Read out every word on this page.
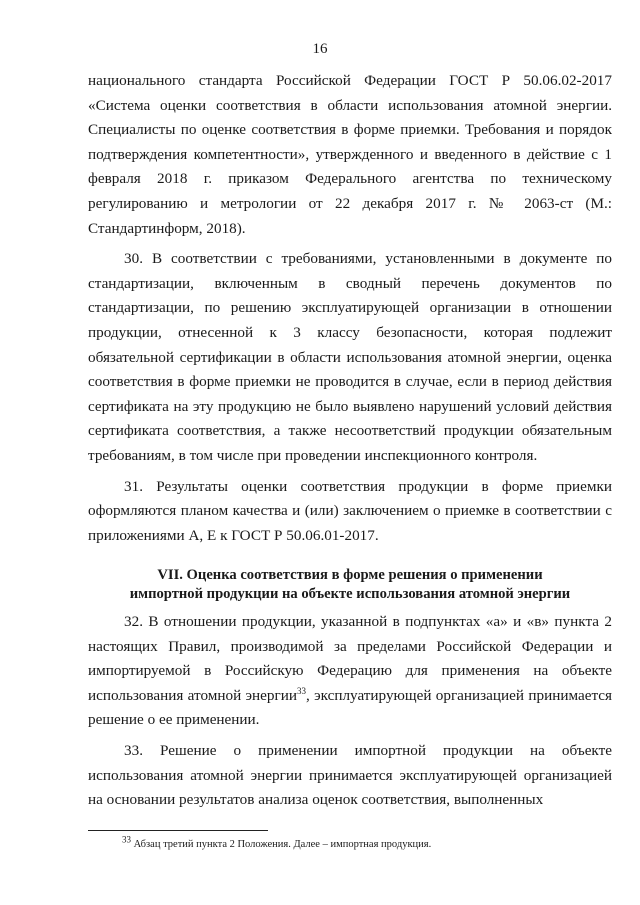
16

национального стандарта Российской Федерации ГОСТ Р 50.06.02-2017 «Система оценки соответствия в области использования атомной энергии. Специалисты по оценке соответствия в форме приемки. Требования и порядок подтверждения компетентности», утвержденного и введенного в действие с 1 февраля 2018 г. приказом Федерального агентства по техническому регулированию и метрологии от 22 декабря 2017 г. № 2063-ст (М.: Стандартинформ, 2018).

30. В соответствии с требованиями, установленными в документе по стандартизации, включенным в сводный перечень документов по стандартизации, по решению эксплуатирующей организации в отношении продукции, отнесенной к 3 классу безопасности, которая подлежит обязательной сертификации в области использования атомной энергии, оценка соответствия в форме приемки не проводится в случае, если в период действия сертификата на эту продукцию не было выявлено нарушений условий действия сертификата соответствия, а также несоответствий продукции обязательным требованиям, в том числе при проведении инспекционного контроля.

31. Результаты оценки соответствия продукции в форме приемки оформляются планом качества и (или) заключением о приемке в соответствии с приложениями А, Е к ГОСТ Р 50.06.01-2017.

VII. Оценка соответствия в форме решения о применении
импортной продукции на объекте использования атомной энергии

32. В отношении продукции, указанной в подпунктах «а» и «в» пункта 2 настоящих Правил, производимой за пределами Российской Федерации и импортируемой в Российскую Федерацию для применения на объекте использования атомной энергии$^{33}$, эксплуатирующей организацией принимается решение о ее применении.

33. Решение о применении импортной продукции на объекте использования атомной энергии принимается эксплуатирующей организацией на основании результатов анализа оценок соответствия, выполненных

$^{33}$ Абзац третий пункта 2 Положения. Далее – импортная продукция.
